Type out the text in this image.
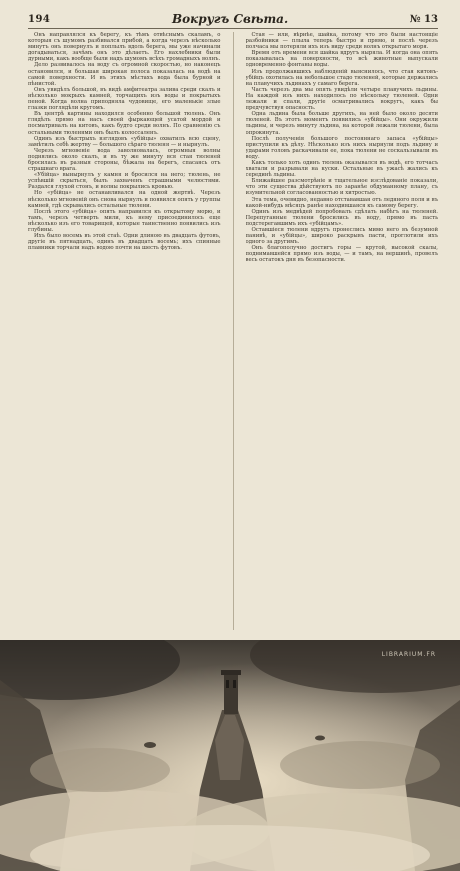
194	Вокругъ Свѣта.	№ 13

Онъ направлялся къ берегу, къ тѣмъ отвѣснымъ скаламъ, о которыя съ шумомъ разбивался прибой, а когда черезъ нѣсколько минутъ онъ повернулъ и поплылъ вдоль берега, мы уже начинали догадываться, зачѣмъ онъ это дѣлаетъ. Его нахлебники были дурными, какъ вообще были надъ шумомъ всѣхъ громадныхъ волнъ.

Дело развивалось на воду съ огромной скоростью, но наконецъ остановился, и большая широкая полоса показалась на водѣ на самой поверхности. И въ этихъ мѣстахъ вода была бурной и пѣнистой.

Онъ увидѣлъ большой, въ видѣ амфитеатра залива среди скалъ и нѣсколько мокрыхъ камней, торчащихъ изъ воды и покрытыхъ пеной. Когда волна приподняла чудовище, его маленькіе злые глазки поглядѣли кругомъ.

Въ центрѣ картины находился особенно большой тюлень. Онъ глядѣлъ прямо на насъ своей фыркающей усатой мордой и посматривалъ на китовъ, какъ будто среди волнъ. По сравненію съ остальными тюленями онъ былъ колоссаленъ.

Одинъ изъ быстрыхъ взглядовъ «убійцы» охватилъ всю сцену, замѣтилъ себѣ жертву — большого сѣраго тюленя — и нырнулъ.

Черезъ мгновеніе вода заволновалась, огромныя волны поднялись около скалъ, и въ ту же минуту вся стая тюленей бросилась въ разныя стороны, бѣжала на берегъ, спасаясь отъ страшнаго врага.

«Убійца» вынырнулъ у камня и бросился на него; тюлень, не успѣвшій скрыться, былъ захваченъ страшными челюстями. Раздался глухой стонъ, и волны покрылись кровью.

Но «убійца» не останавливался на одной жертвѣ. Черезъ нѣсколько мгновеній онъ снова нырнулъ и появился опять у группы камней, гдѣ скрывались остальные тюлени.

Послѣ этого «убійца» опять направился къ открытому морю, и тамъ, черезъ четверть мили, къ нему присоединилось еще нѣсколько изъ его товарищей, которые таинственно появились изъ глубины.

Ихъ было восемь въ этой стаѣ. Одни длиною въ двадцать футовъ, другіе въ пятнадцать, одинъ въ двадцать восемь; ихъ спинные плавники торчали надъ водою почти на шесть футовъ.

Стая — или, вѣрнѣе, шайка, потому что это были настоящіе разбойники — плыла теперь быстро и прямо, и послѣ черезъ полчаса мы потеряли ихъ изъ виду среди волнъ открытаго моря.

Время отъ времени вся шайка вдругъ ныряла. И когда она опять показывалась на поверхности, то всѣ животные выпускали одновременно фонтаны воды.

Изъ продолжавшихъ наблюденій выяснилось, что стая китовъ-убійцъ охотилась на небольшое стадо тюленей, которые держались на плавучихъ льдинахъ у самаго берега.

Часть черезъ два мы опять увидѣли четыре плавучихъ льдины. На каждой изъ нихъ находилось по нѣскольку тюленей. Одни лежали и спали, другіе осматривались вокругъ, какъ бы предчувствуя опасность.

Одна льдина была больше другихъ, на ней было около десяти тюленей. Въ этотъ моментъ появились «убійцы». Они окружили льдины, и черезъ минуту льдина, на которой лежали тюлени, была опрокинута.

Послѣ полученія большого постояннаго запаса «убійцы» приступили къ дѣлу. Нѣсколько изъ нихъ нырнули подъ льдину и ударами головъ раскачивали ее, пока тюлени не соскальзывали въ воду.

Какъ только хоть одинъ тюлень оказывался въ водѣ, его тотчасъ хватали и разрывали на куски. Остальные въ ужасѣ жались къ серединѣ льдины.

Ближайшее разсмотрѣніе и тщательное изслѣдованіе показали, что эти существа дѣйствуютъ по заранѣе обдуманному плану, съ изумительной согласованностью и хитростью.

Эта тема, очевидно, недавно отстававшая отъ ледяного поля и въ какой-нибудь мѣсяцъ ранѣе находившаяся къ самому берегу.

Одинъ изъ медвѣдей попробовалъ сдѣлать набѣгъ на тюленей. Перепуганные тюлени бросились въ воду, прямо въ пасть подстерегавшимъ ихъ «убійцамъ».

Оставшіеся тюлени вдругъ пронеслись мимо него въ безумной панивѣ, и «убійцы», широко раскрывъ пасти, проглотили ихъ одного за другимъ.

Онъ благополучно достигъ горы — крутой, высокой скалы, поднимавшейся прямо изъ воды, — и тамъ, на вершинѣ, провелъ весь остатокъ дня въ безопасности.

LIBRARIUM.FR
